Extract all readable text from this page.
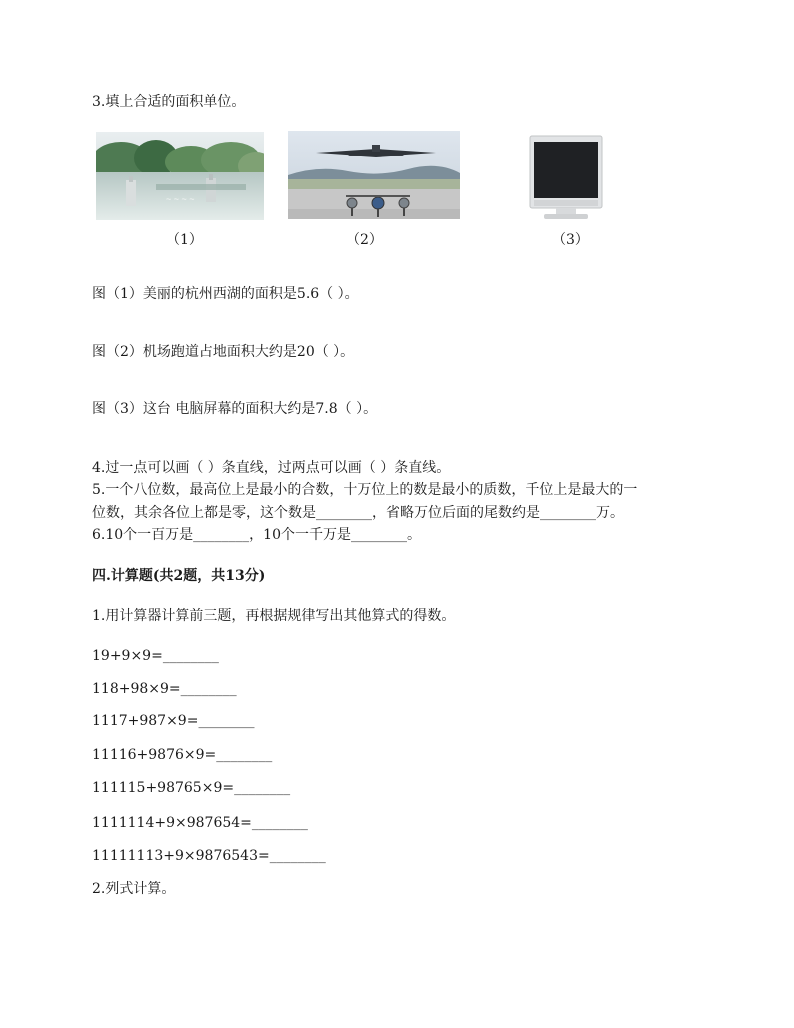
3.填上合适的面积单位。
~ ~ ~ ~
（1）	（2）	（3）
图（1）美丽的杭州西湖的面积是5.6（ ）。
图（2）机场跑道占地面积大约是20（ ）。
图（3）这台 电脑屏幕的面积大约是7.8（ ）。
4.过一点可以画（ ）条直线，过两点可以画（ ）条直线。
5.一个八位数，最高位上是最小的合数，十万位上的数是最小的质数，千位上是最大的一
位数，其余各位上都是零，这个数是________，省略万位后面的尾数约是________万。
6.10个一百万是________，10个一千万是________。
四.计算题(共2题，共13分)
1.用计算器计算前三题，再根据规律写出其他算式的得数。
19+9×9=________
118+98×9=________
1117+987×9=________
11116+9876×9=________
111115+98765×9=________
1111114+9×987654=________
11111113+9×9876543=________
2.列式计算。
